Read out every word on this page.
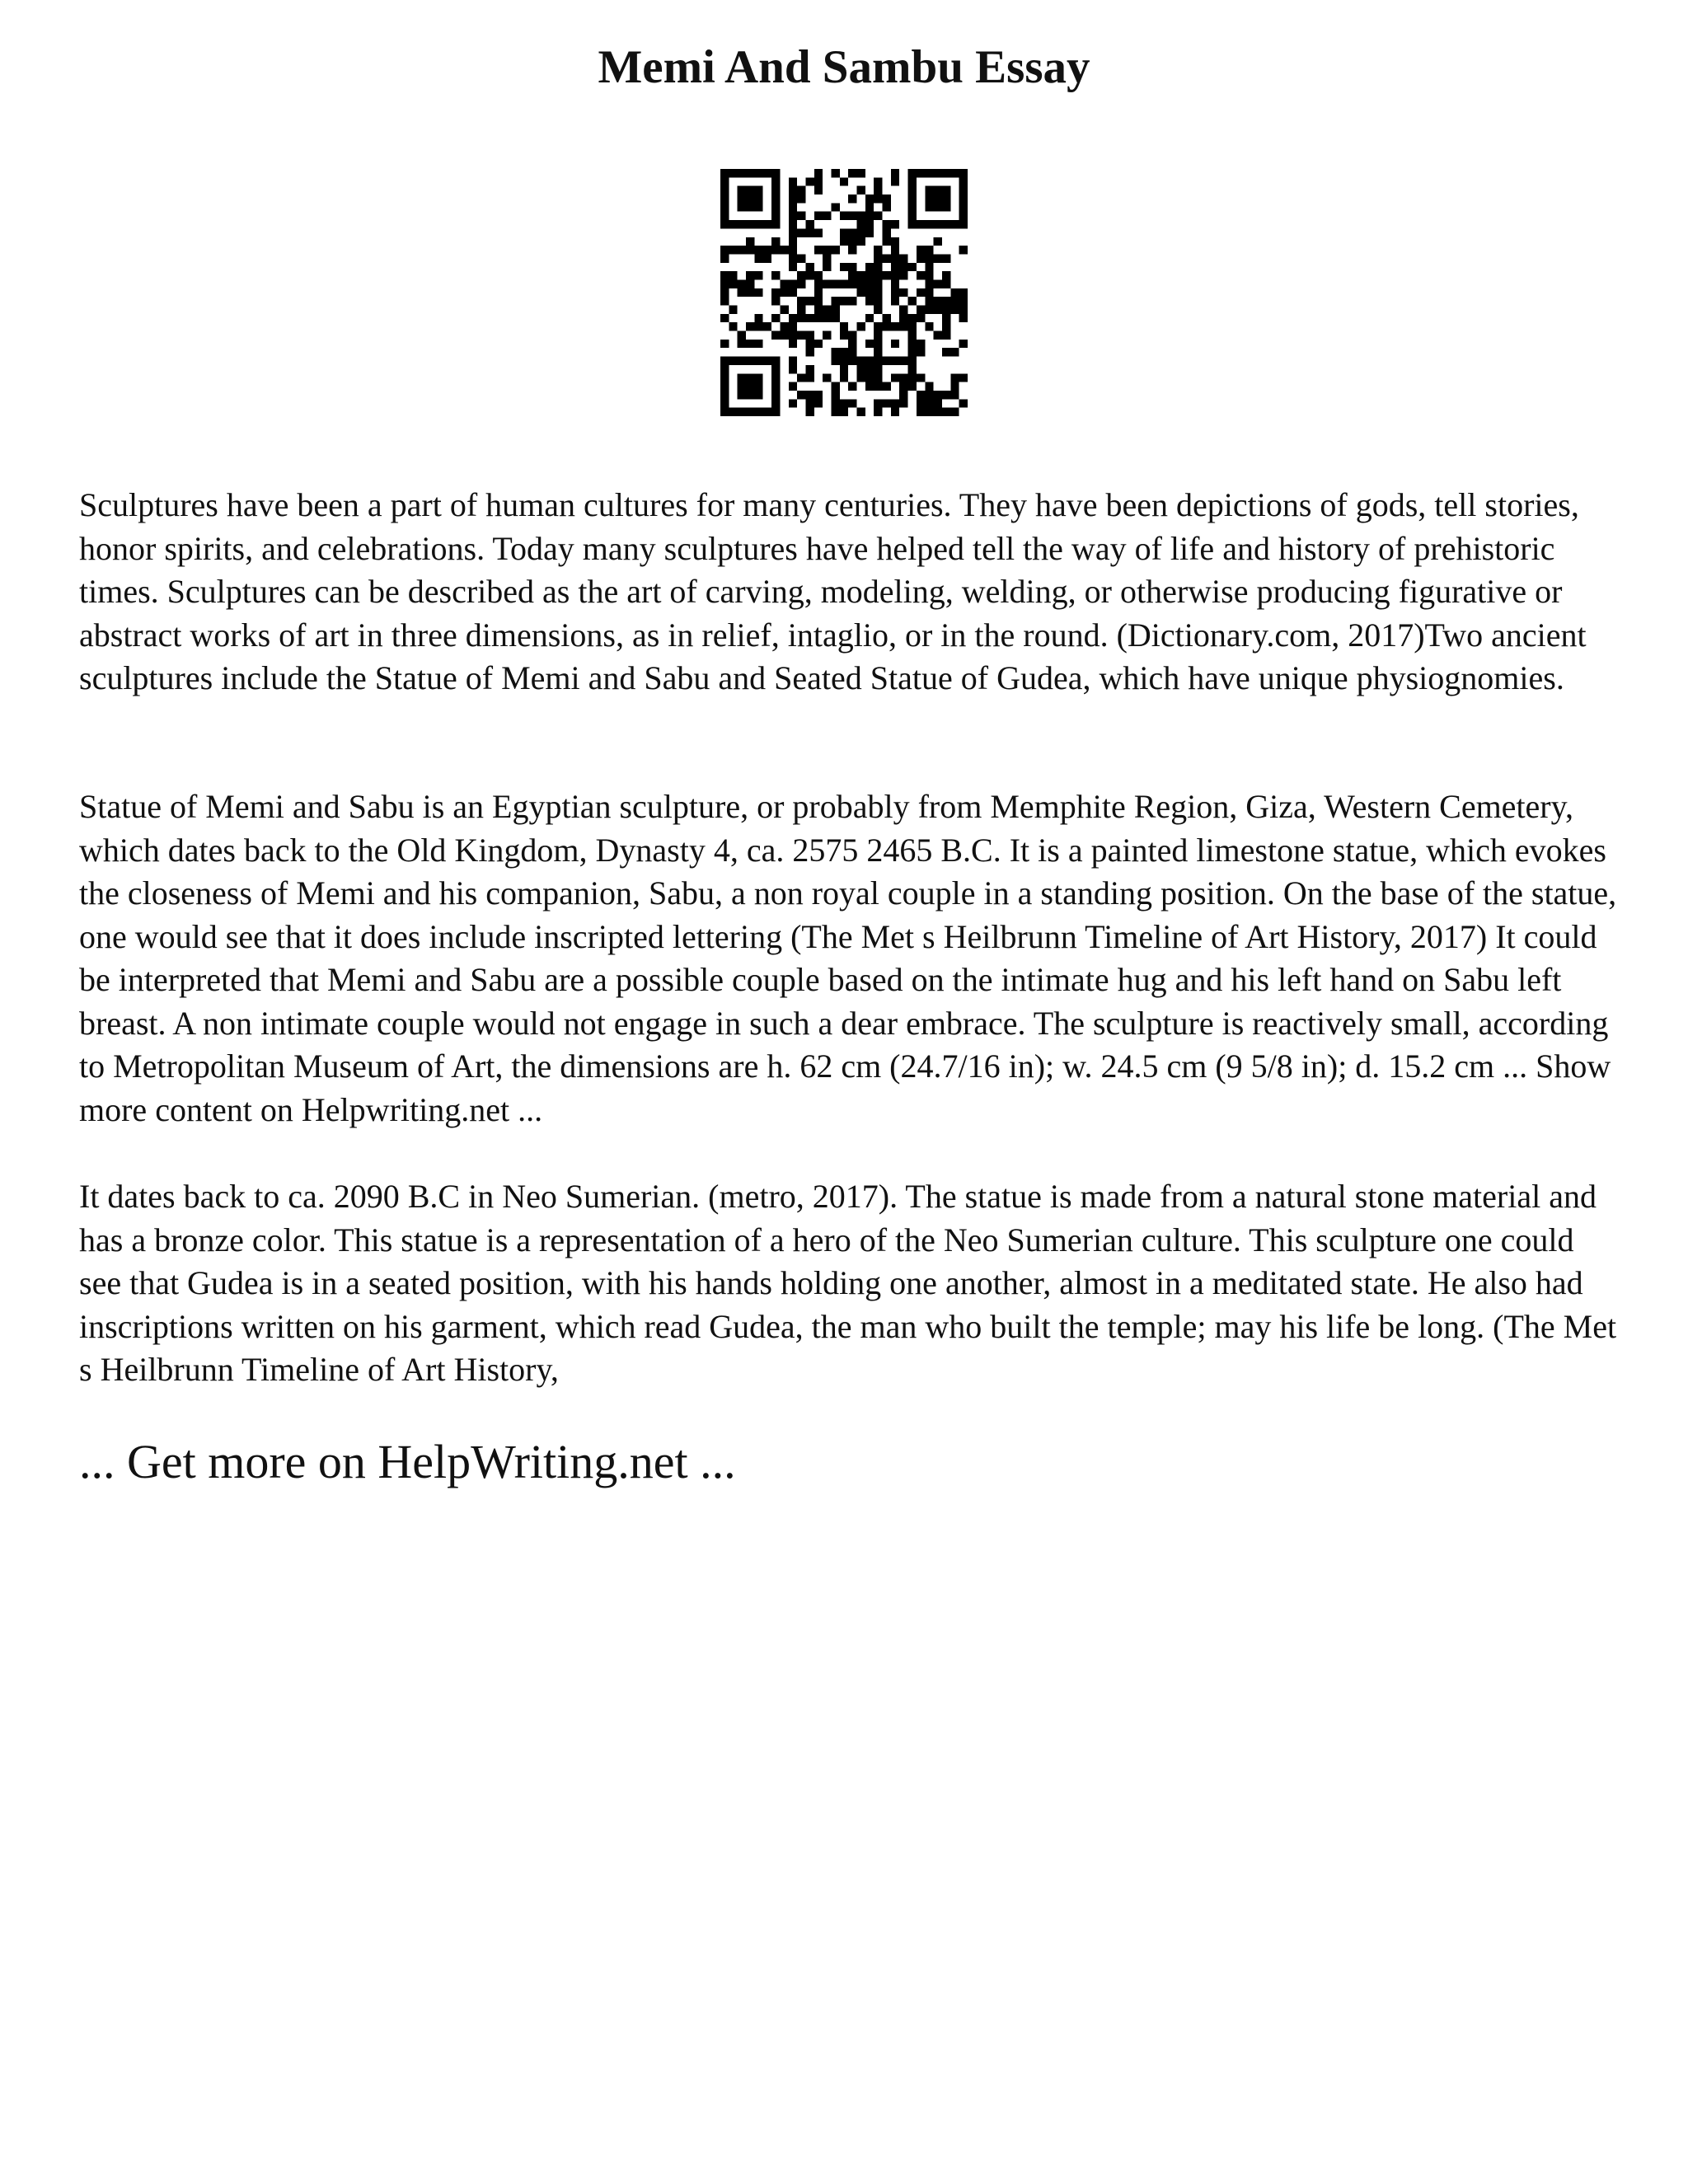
Memi And Sambu Essay

Sculptures have been a part of human cultures for many centuries. They have been depictions of gods, tell stories, honor spirits, and celebrations. Today many sculptures have helped tell the way of life and history of prehistoric times. Sculptures can be described as the art of carving, modeling, welding, or otherwise producing figurative or abstract works of art in three dimensions, as in relief, intaglio, or in the round. (Dictionary.com, 2017)Two ancient sculptures include the Statue of Memi and Sabu and Seated Statue of Gudea, which have unique physiognomies.

Statue of Memi and Sabu is an Egyptian sculpture, or probably from Memphite Region, Giza, Western Cemetery, which dates back to the Old Kingdom, Dynasty 4, ca. 2575 2465 B.C. It is a painted limestone statue, which evokes the closeness of Memi and his companion, Sabu, a non royal couple in a standing position. On the base of the statue, one would see that it does include inscripted lettering (The Met s Heilbrunn Timeline of Art History, 2017) It could be interpreted that Memi and Sabu are a possible couple based on the intimate hug and his left hand on Sabu left breast. A non intimate couple would not engage in such a dear embrace. The sculpture is reactively small, according to Metropolitan Museum of Art, the dimensions are h. 62 cm (24.7/16 in); w. 24.5 cm (9 5/8 in); d. 15.2 cm ... Show more content on Helpwriting.net ...

It dates back to ca. 2090 B.C in Neo Sumerian. (metro, 2017). The statue is made from a natural stone material and has a bronze color. This statue is a representation of a hero of the Neo Sumerian culture. This sculpture one could see that Gudea is in a seated position, with his hands holding one another, almost in a meditated state. He also had inscriptions written on his garment, which read Gudea, the man who built the temple; may his life be long. (The Met s Heilbrunn Timeline of Art History,

... Get more on HelpWriting.net ...
